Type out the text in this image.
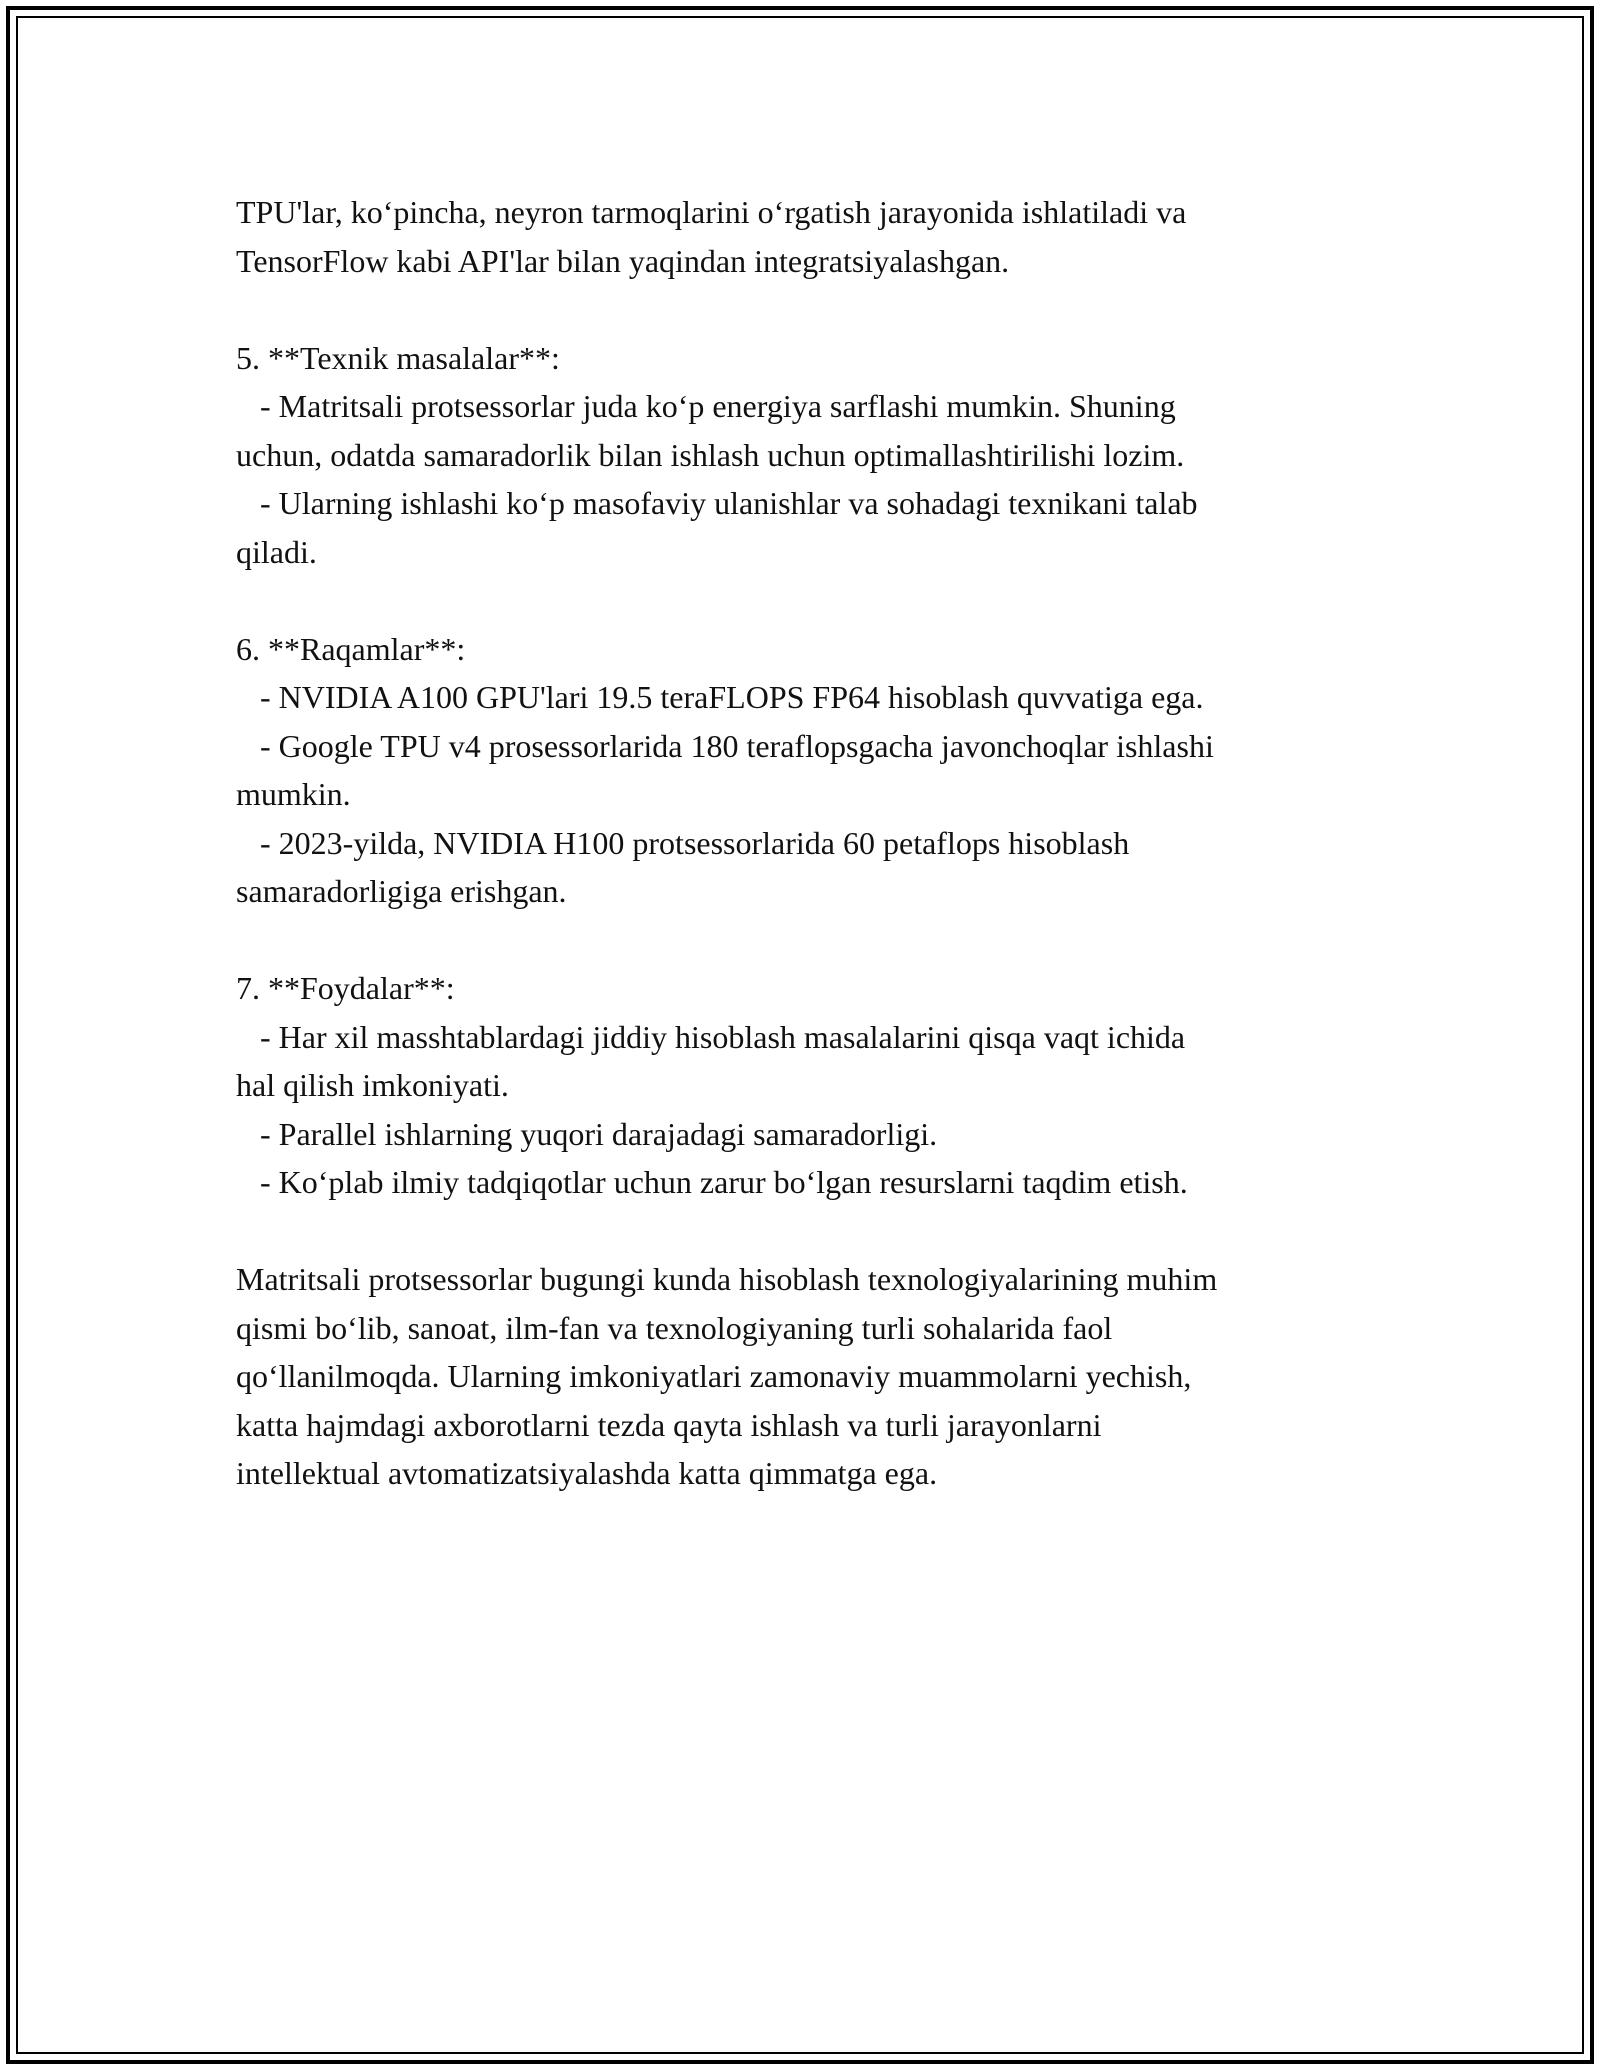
TPU'lar, ko‘pincha, neyron tarmoqlarini o‘rgatish jarayonida ishlatiladi va

TensorFlow kabi API'lar bilan yaqindan integratsiyalashgan.

5. **Texnik masalalar**:

- Matritsali protsessorlar juda ko‘p energiya sarflashi mumkin. Shuning

uchun, odatda samaradorlik bilan ishlash uchun optimallashtirilishi lozim.

- Ularning ishlashi ko‘p masofaviy ulanishlar va sohadagi texnikani talab

qiladi.

6. **Raqamlar**:

- NVIDIA A100 GPU'lari 19.5 teraFLOPS FP64 hisoblash quvvatiga ega.

- Google TPU v4 prosessorlarida 180 teraflopsgacha javonchoqlar ishlashi

mumkin.

- 2023-yilda, NVIDIA H100 protsessorlarida 60 petaflops hisoblash

samaradorligiga erishgan.

7. **Foydalar**:

- Har xil masshtablardagi jiddiy hisoblash masalalarini qisqa vaqt ichida

hal qilish imkoniyati.

- Parallel ishlarning yuqori darajadagi samaradorligi.

- Ko‘plab ilmiy tadqiqotlar uchun zarur bo‘lgan resurslarni taqdim etish.

Matritsali protsessorlar bugungi kunda hisoblash texnologiyalarining muhim

qismi bo‘lib, sanoat, ilm-fan va texnologiyaning turli sohalarida faol

qo‘llanilmoqda. Ularning imkoniyatlari zamonaviy muammolarni yechish,

katta hajmdagi axborotlarni tezda qayta ishlash va turli jarayonlarni

intellektual avtomatizatsiyalashda katta qimmatga ega.
